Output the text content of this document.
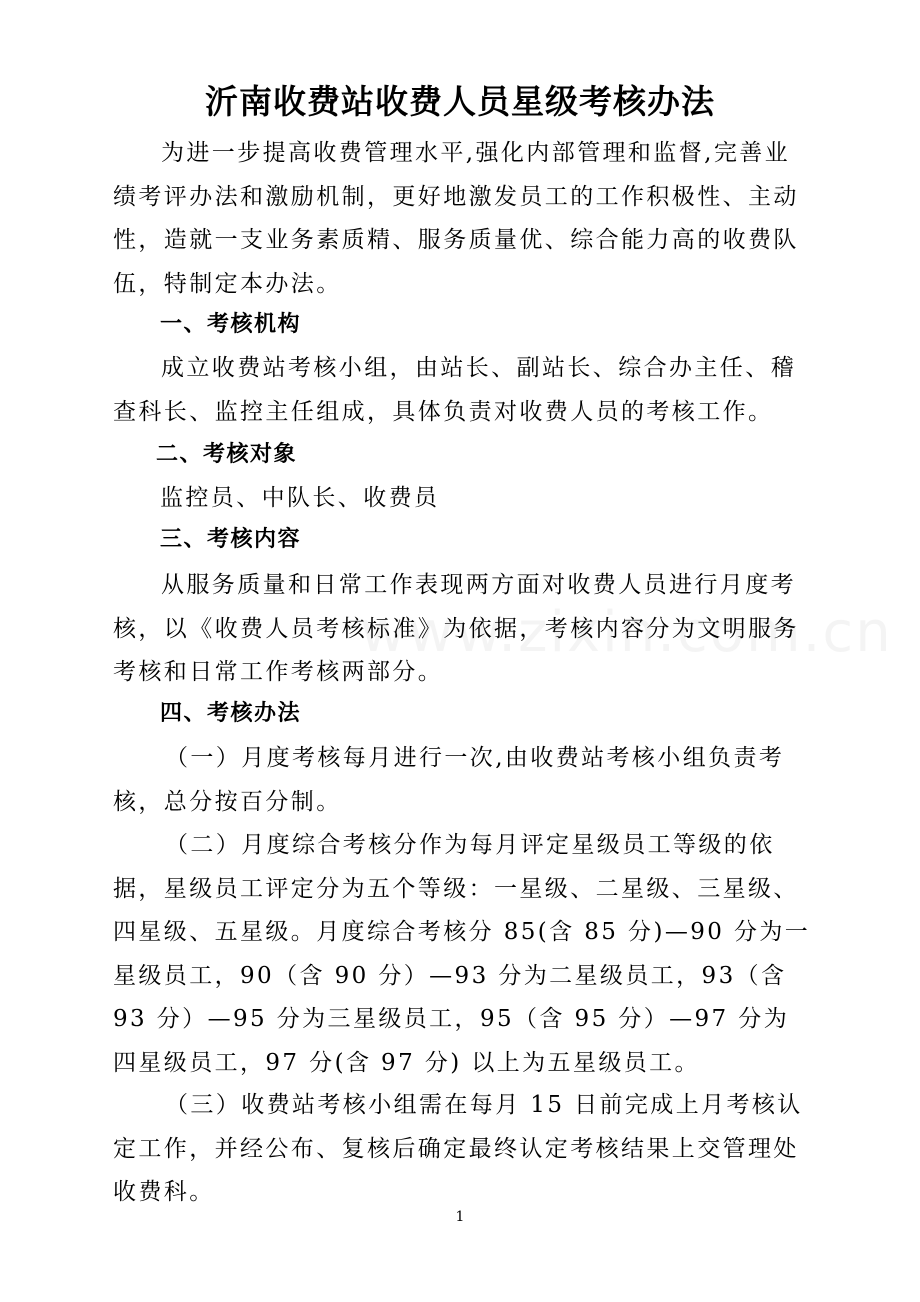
沂南收费站收费人员星级考核办法
为进一步提高收费管理水平,强化内部管理和监督,完善业绩考评办法和激励机制，更好地激发员工的工作积极性、主动性，造就一支业务素质精、服务质量优、综合能力高的收费队伍，特制定本办法。
一、考核机构
成立收费站考核小组，由站长、副站长、综合办主任、稽查科长、监控主任组成，具体负责对收费人员的考核工作。
二、考核对象
监控员、中队长、收费员
三、考核内容
从服务质量和日常工作表现两方面对收费人员进行月度考核，以《收费人员考核标准》为依据，考核内容分为文明服务考核和日常工作考核两部分。
四、考核办法
（一）月度考核每月进行一次,由收费站考核小组负责考核，总分按百分制。
（二）月度综合考核分作为每月评定星级员工等级的依据，星级员工评定分为五个等级：一星级、二星级、三星级、四星级、五星级。月度综合考核分 85(含 85 分)—90 分为一星级员工，90（含 90 分）—93 分为二星级员工，93（含 93 分）—95 分为三星级员工，95（含 95 分）—97 分为四星级员工，97 分(含 97 分) 以上为五星级员工。
（三）收费站考核小组需在每月 15 日前完成上月考核认定工作，并经公布、复核后确定最终认定考核结果上交管理处收费科。
1
